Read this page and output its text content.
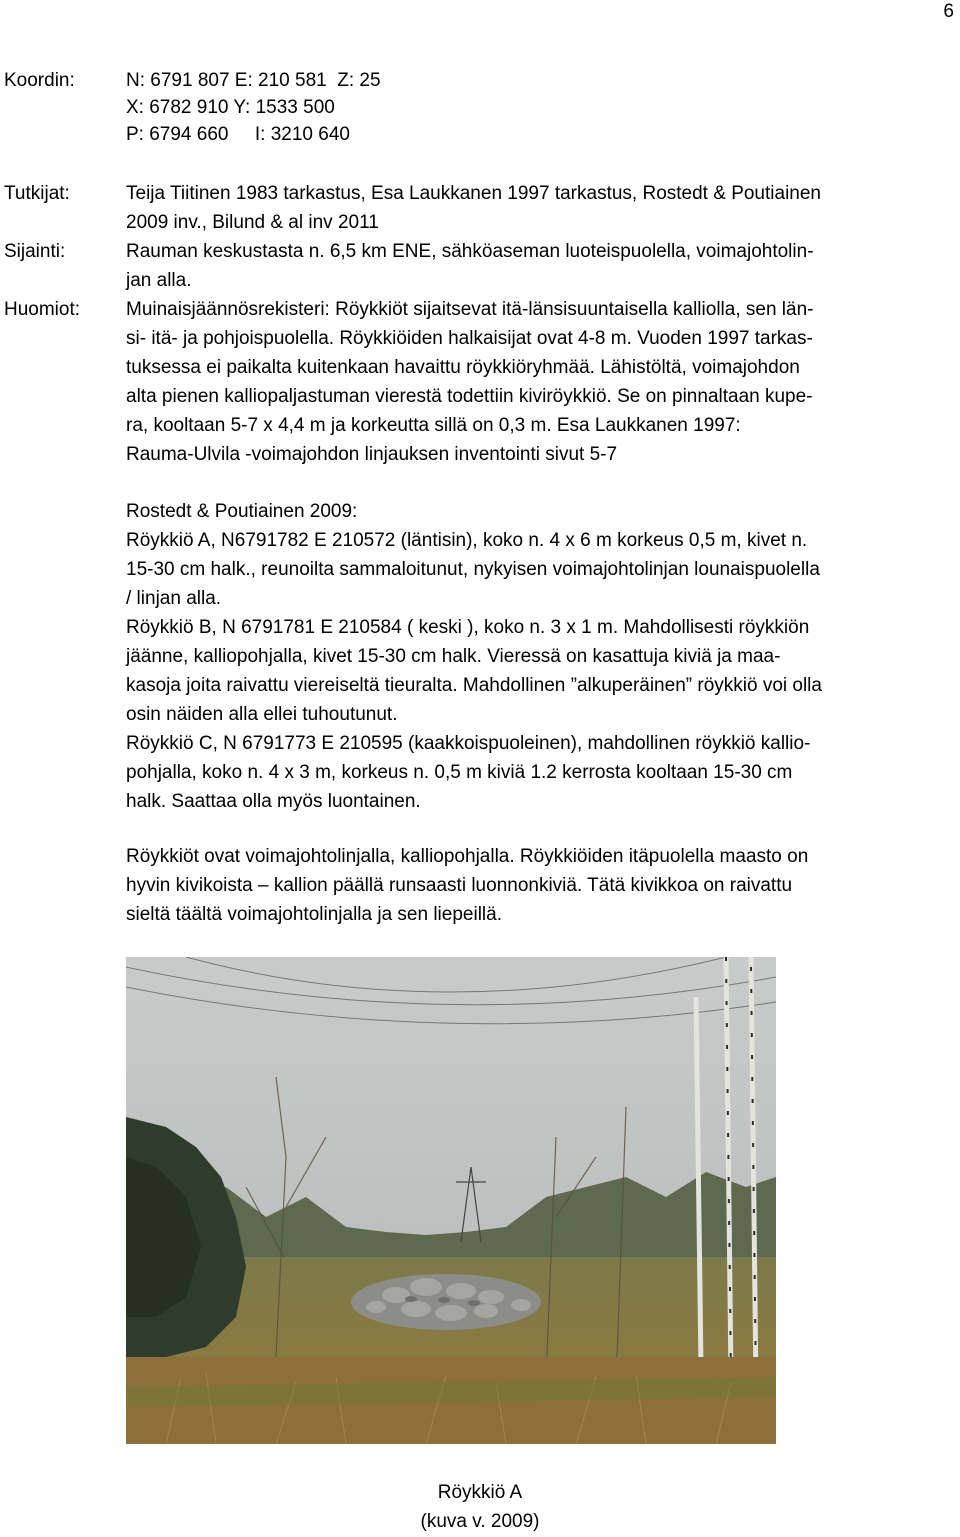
6
Koordin:	N: 6791 807 E: 210 581  Z: 25
X: 6782 910 Y: 1533 500
P: 6794 660     I: 3210 640
Tutkijat:	Teija Tiitinen 1983 tarkastus, Esa Laukkanen 1997 tarkastus, Rostedt & Poutiainen
2009 inv., Bilund & al inv 2011
Sijainti:	Rauman keskustasta n. 6,5 km ENE, sähköaseman luoteispuolella, voimajohtolin-
jan alla.
Huomiot: Muinaisjäännösrekisteri: Röykkiöt sijaitsevat itä-länsisuuntaisella kalliolla, sen län-
si- itä- ja pohjoispuolella. Röykkiöiden halkaisijat ovat 4-8 m. Vuoden 1997 tarkas-
tuksessa ei paikalta kuitenkaan havaittu röykkiöryhmää. Lähistöltä, voimajohdon
alta pienen kalliopaljastuman vierestä todettiin kiviröykkiö. Se on pinnaltaan kupe-
ra, kooltaan 5-7 x 4,4 m ja korkeutta sillä on 0,3 m. Esa Laukkanen 1997:
Rauma-Ulvila -voimajohdon linjauksen inventointi sivut 5-7
Rostedt & Poutiainen 2009:
Röykkiö A, N6791782 E 210572 (läntisin), koko n. 4 x 6 m korkeus 0,5 m, kivet n.
15-30 cm halk., reunoilta sammaloitunut, nykyisen voimajohtolinjan lounaispuolella
/ linjan alla.
Röykkiö B, N 6791781 E 210584 ( keski ), koko n. 3 x 1 m. Mahdollisesti röykkiön
jäänne, kalliopohjalla, kivet 15-30 cm halk. Vieressä on kasattuja kiviä ja maa-
kasoja joita raivattu viereiseltä tieuralta. Mahdollinen ”alkuperäinen” röykkiö voi olla
osin näiden alla ellei tuhoutunut.
Röykkiö C, N 6791773 E 210595 (kaakkoispuoleinen), mahdollinen röykkiö kallio-
pohjalla, koko n. 4 x 3 m, korkeus n. 0,5 m kiviä 1.2 kerrosta kooltaan 15-30 cm
halk. Saattaa olla myös luontainen.
Röykkiöt ovat voimajohtolinjalla, kalliopohjalla. Röykkiöiden itäpuolella maasto on
hyvin kivikoista – kallion päällä runsaasti luonnonkiviä. Tätä kivikkoa on raivattu
sieltä täältä voimajohtolinjalla ja sen liepeillä.
Röykkiö A
(kuva v. 2009)
